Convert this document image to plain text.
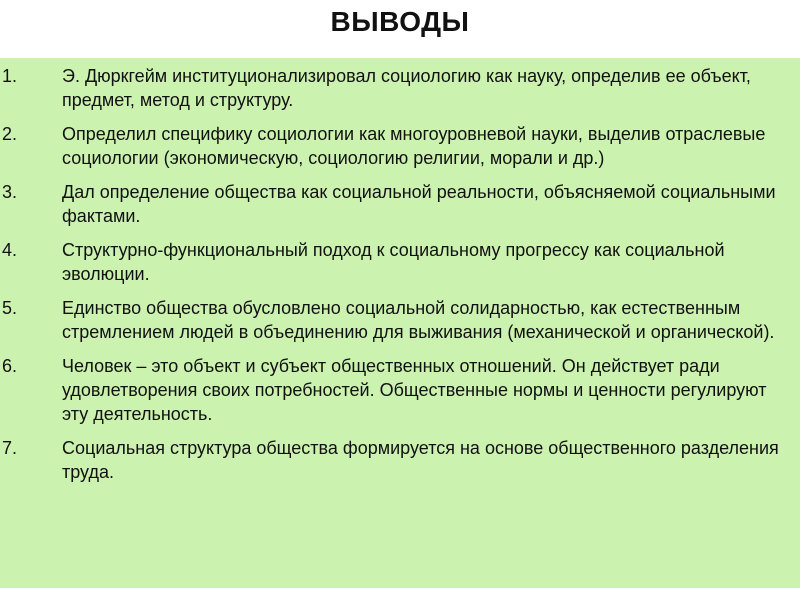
ВЫВОДЫ
1.	Э. Дюркгейм институционализировал социологию как науку, определив ее объект, предмет, метод и структуру.
2.	Определил специфику социологии как многоуровневой науки, выделив отраслевые социологии (экономическую, социологию религии, морали и др.)
3.	Дал определение общества как социальной реальности, объясняемой социальными фактами.
4.	Структурно-функциональный подход к социальному прогрессу как социальной эволюции.
5.	Единство общества обусловлено социальной солидарностью, как естественным стремлением людей в объединению для выживания (механической и органической).
6.	Человек – это объект и субъект общественных отношений. Он действует ради удовлетворения своих потребностей. Общественные нормы и ценности регулируют эту деятельность.
7.	Социальная структура общества формируется на основе общественного разделения труда.
